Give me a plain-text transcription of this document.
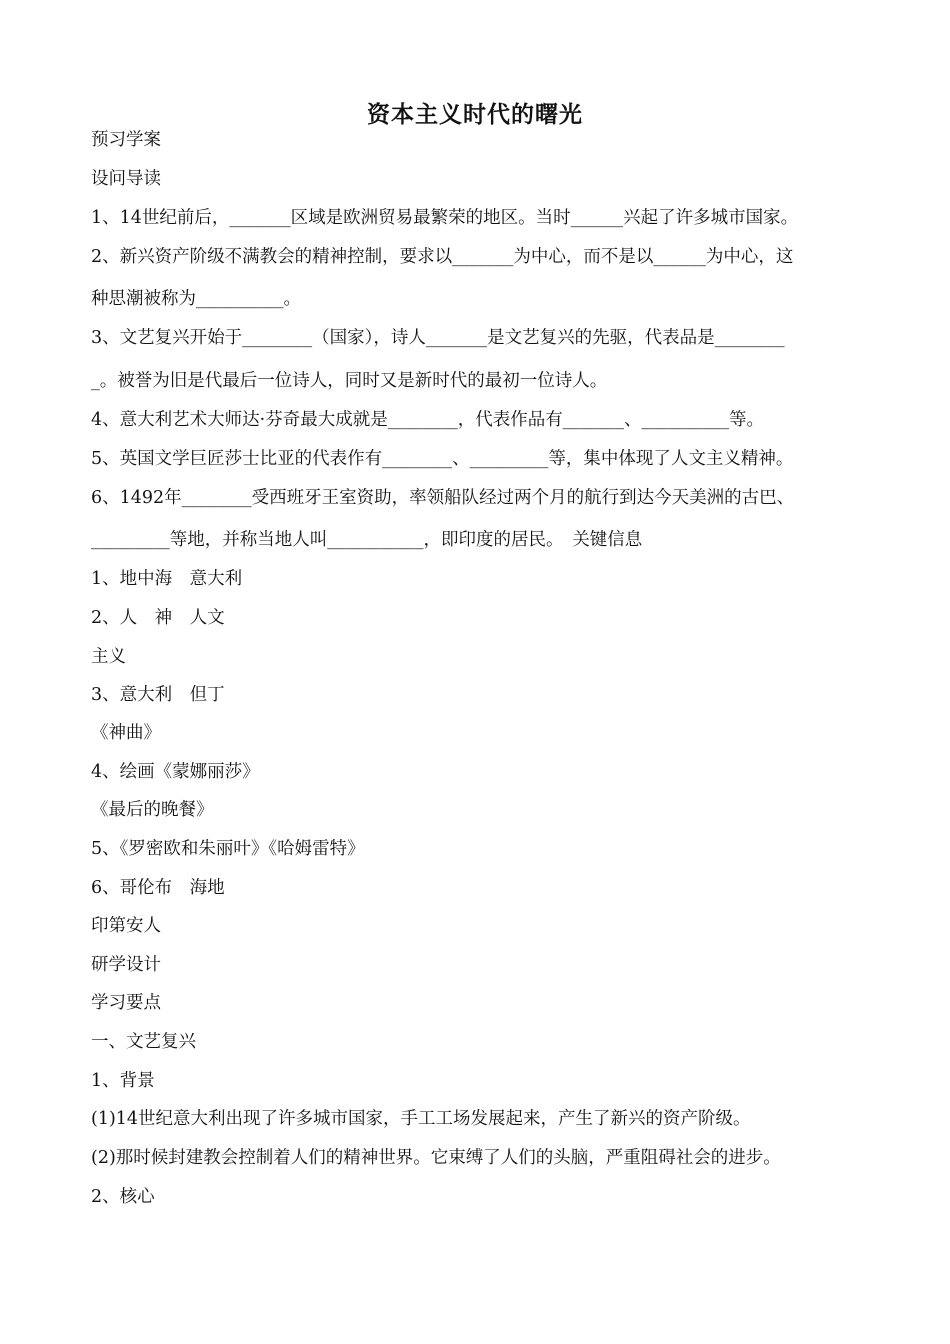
资本主义时代的曙光
预习学案
设问导读
1、14世纪前后，_______区域是欧洲贸易最繁荣的地区。当时______兴起了许多城市国家。
2、新兴资产阶级不满教会的精神控制，要求以_______为中心，而不是以______为中心，这
种思潮被称为__________。
3、文艺复兴开始于________（国家），诗人_______是文艺复兴的先驱，代表品是________
_。被誉为旧是代最后一位诗人，同时又是新时代的最初一位诗人。
4、意大利艺术大师达·芬奇最大成就是________，代表作品有_______、__________等。
5、英国文学巨匠莎士比亚的代表作有________、_________等，集中体现了人文主义精神。
6、1492年________受西班牙王室资助，率领船队经过两个月的航行到达今天美洲的古巴、
_________等地，并称当地人叫___________，即印度的居民。　关键信息
1、地中海　意大利
2、人　神　人文
主义
3、意大利　但丁
《神曲》
4、绘画《蒙娜丽莎》
《最后的晚餐》
5、《罗密欧和朱丽叶》《哈姆雷特》
6、哥伦布　海地
印第安人
研学设计
学习要点
一、文艺复兴
1、背景
(1)14世纪意大利出现了许多城市国家，手工工场发展起来，产生了新兴的资产阶级。
(2)那时候封建教会控制着人们的精神世界。它束缚了人们的头脑，严重阻碍社会的进步。
2、核心
